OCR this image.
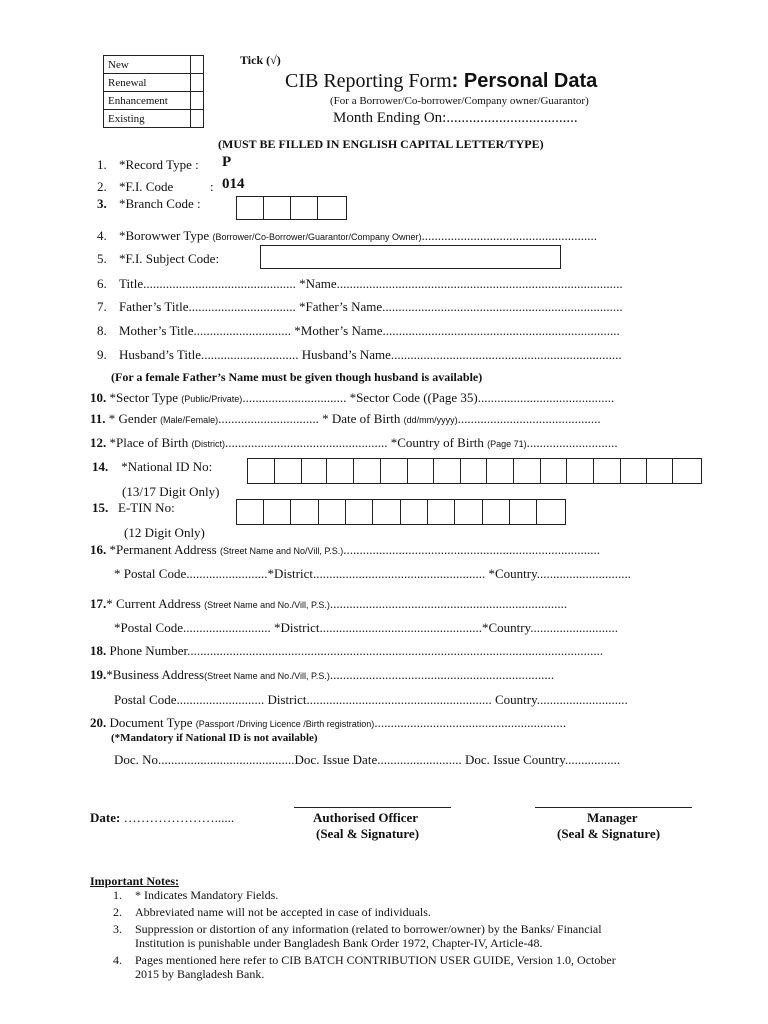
New	
Renewal	
Enhancement	
Existing	
Tick (√)
CIB Reporting Form: Personal Data
(For a Borrower/Co-borrower/Company owner/Guarantor)
Month Ending On:...................................
(MUST BE FILLED IN ENGLISH CAPITAL LETTER/TYPE)
1. *Record Type : P
2. *F.I. Code	: 014
3. *Branch Code :
4. *Borowwer Type (Borrower/Co-Borrower/Guarantor/Company Owner)......................................................
5. *F.I. Subject Code:
6. Title............................................... *Name........................................................................................
7. Father’s Title................................. *Father’s Name..........................................................................
8. Mother’s Title.............................. *Mother’s Name.........................................................................
9. Husband’s Title.............................. Husband’s Name.......................................................................
(For a female Father’s Name must be given though husband is available)
10. *Sector Type (Public/Private)................................ *Sector Code ((Page 35)..........................................
11. * Gender (Male/Female)............................... * Date of Birth (dd/mm/yyyy)............................................
12. *Place of Birth (District).................................................. *Country of Birth (Page 71)............................
14. *National ID No:
(13/17 Digit Only)
15. E-TIN No:
(12 Digit Only)
16. *Permanent Address (Street Name and No/Vill, P.S.)...............................................................................
* Postal Code.........................*District..................................................... *Country.............................
17.* Current Address (Street Name and No./Vill, P.S.).........................................................................
*Postal Code........................... *District..................................................*Country...........................
18. Phone Number................................................................................................................................
19.*Business Address(Street Name and No./Vill, P.S.).....................................................................
Postal Code........................... District......................................................... Country............................
20. Document Type (Passport /Driving Licence /Birth registration)...........................................................
(*Mandatory if National ID is not available)
Doc. No..........................................Doc. Issue Date.......................... Doc. Issue Country.................
Date: …………………......	Authorised Officer
(Seal & Signature)
Manager
(Seal & Signature)
Important Notes:
1. * Indicates Mandatory Fields.
2. Abbreviated name will not be accepted in case of individuals.
3. Suppression or distortion of any information (related to borrower/owner) by the Banks/ Financial
Institution is punishable under Bangladesh Bank Order 1972, Chapter-IV, Article-48.
4. Pages mentioned here refer to CIB BATCH CONTRIBUTION USER GUIDE, Version 1.0, October
2015 by Bangladesh Bank.
